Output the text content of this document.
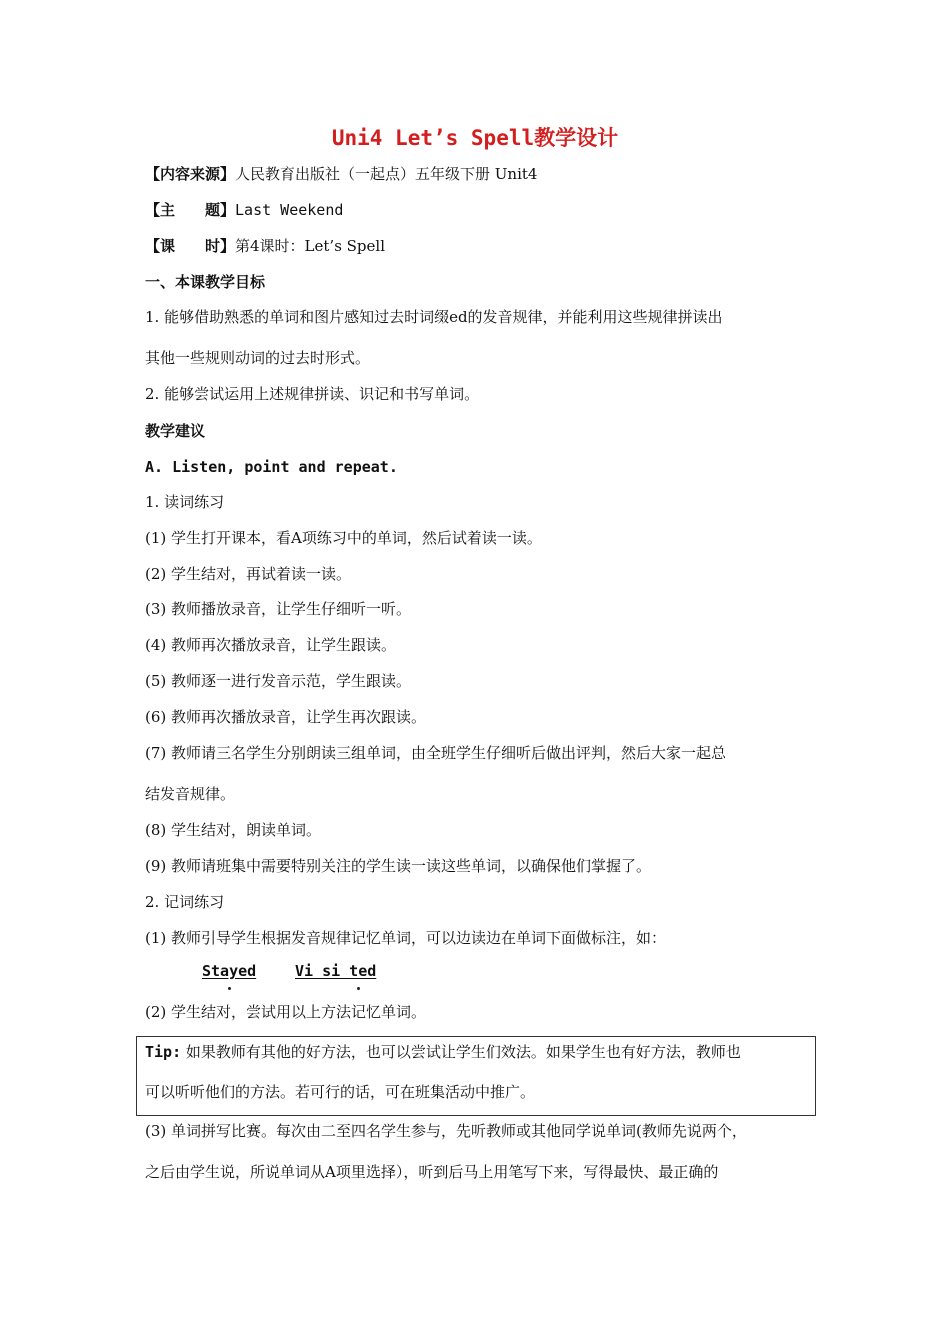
Uni4 Let’s Spell教学设计
【内容来源】人民教育出版社（一起点）五年级下册 Unit4
【主　　题】Last Weekend
【课　　时】第4课时：Let’s Spell
一、本课教学目标
1. 能够借助熟悉的单词和图片感知过去时词缀ed的发音规律，并能利用这些规律拼读出
其他一些规则动词的过去时形式。
2. 能够尝试运用上述规律拼读、识记和书写单词。
教学建议
A. Listen, point and repeat.
1. 读词练习
(1) 学生打开课本，看A项练习中的单词，然后试着读一读。
(2) 学生结对，再试着读一读。
(3) 教师播放录音，让学生仔细听一听。
(4) 教师再次播放录音，让学生跟读。
(5) 教师逐一进行发音示范，学生跟读。
(6) 教师再次播放录音，让学生再次跟读。
(7) 教师请三名学生分别朗读三组单词，由全班学生仔细听后做出评判，然后大家一起总
结发音规律。
(8) 学生结对，朗读单词。
(9) 教师请班集中需要特别关注的学生读一读这些单词，以确保他们掌握了。
2. 记词练习
(1) 教师引导学生根据发音规律记忆单词，可以边读边在单词下面做标注，如：
Stayed	Vi si ted
(2) 学生结对，尝试用以上方法记忆单词。
Tip: 如果教师有其他的好方法，也可以尝试让学生们效法。如果学生也有好方法，教师也
可以听听他们的方法。若可行的话，可在班集活动中推广。
(3) 单词拼写比赛。每次由二至四名学生参与，先听教师或其他同学说单词(教师先说两个，
之后由学生说，所说单词从A项里选择），听到后马上用笔写下来，写得最快、最正确的
